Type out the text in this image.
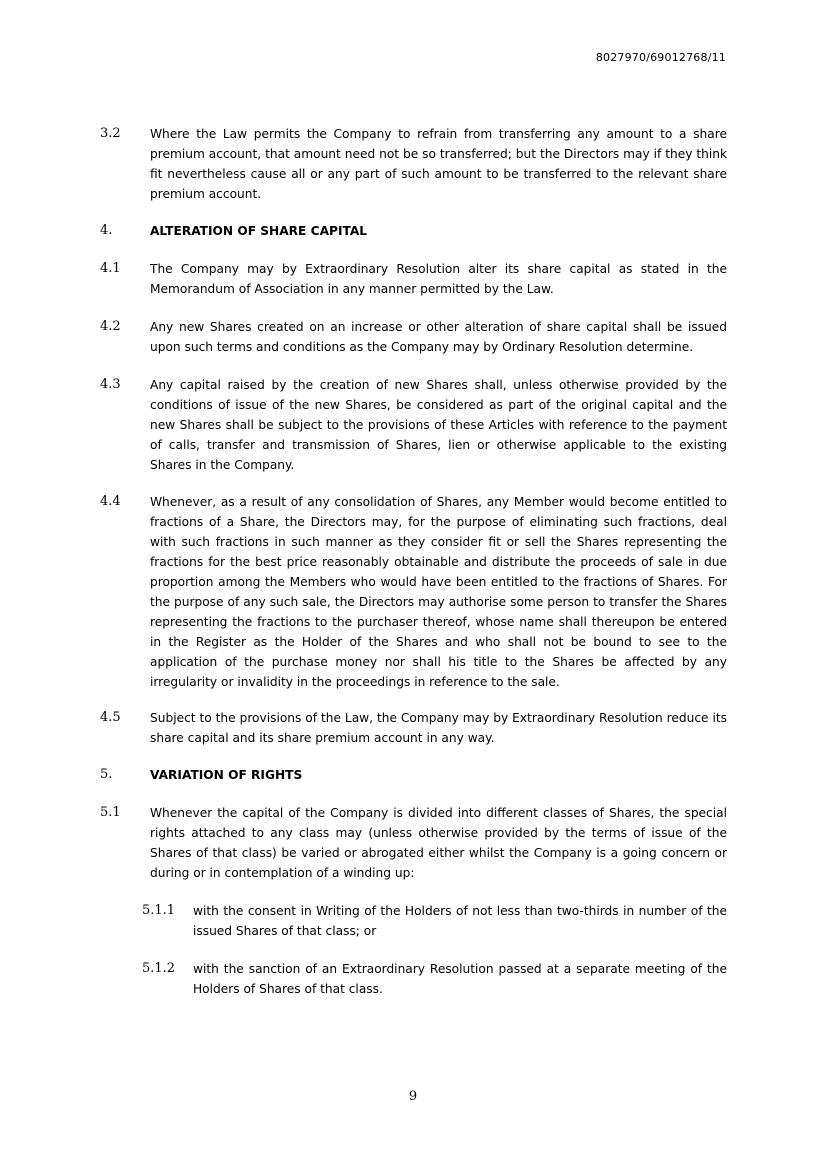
8027970/69012768/11
3.2 Where the Law permits the Company to refrain from transferring any amount to a share premium account, that amount need not be so transferred; but the Directors may if they think fit nevertheless cause all or any part of such amount to be transferred to the relevant share premium account.
4.	ALTERATION OF SHARE CAPITAL
4.1 The Company may by Extraordinary Resolution alter its share capital as stated in the Memorandum of Association in any manner permitted by the Law.
4.2 Any new Shares created on an increase or other alteration of share capital shall be issued upon such terms and conditions as the Company may by Ordinary Resolution determine.
4.3 Any capital raised by the creation of new Shares shall, unless otherwise provided by the conditions of issue of the new Shares, be considered as part of the original capital and the new Shares shall be subject to the provisions of these Articles with reference to the payment of calls, transfer and transmission of Shares, lien or otherwise applicable to the existing Shares in the Company.
4.4 Whenever, as a result of any consolidation of Shares, any Member would become entitled to fractions of a Share, the Directors may, for the purpose of eliminating such fractions, deal with such fractions in such manner as they consider fit or sell the Shares representing the fractions for the best price reasonably obtainable and distribute the proceeds of sale in due proportion among the Members who would have been entitled to the fractions of Shares. For the purpose of any such sale, the Directors may authorise some person to transfer the Shares representing the fractions to the purchaser thereof, whose name shall thereupon be entered in the Register as the Holder of the Shares and who shall not be bound to see to the application of the purchase money nor shall his title to the Shares be affected by any irregularity or invalidity in the proceedings in reference to the sale.
4.5 Subject to the provisions of the Law, the Company may by Extraordinary Resolution reduce its share capital and its share premium account in any way.
5.	VARIATION OF RIGHTS
5.1 Whenever the capital of the Company is divided into different classes of Shares, the special rights attached to any class may (unless otherwise provided by the terms of issue of the Shares of that class) be varied or abrogated either whilst the Company is a going concern or during or in contemplation of a winding up:
5.1.1 with the consent in Writing of the Holders of not less than two-thirds in number of the issued Shares of that class; or
5.1.2 with the sanction of an Extraordinary Resolution passed at a separate meeting of the Holders of Shares of that class.
9
